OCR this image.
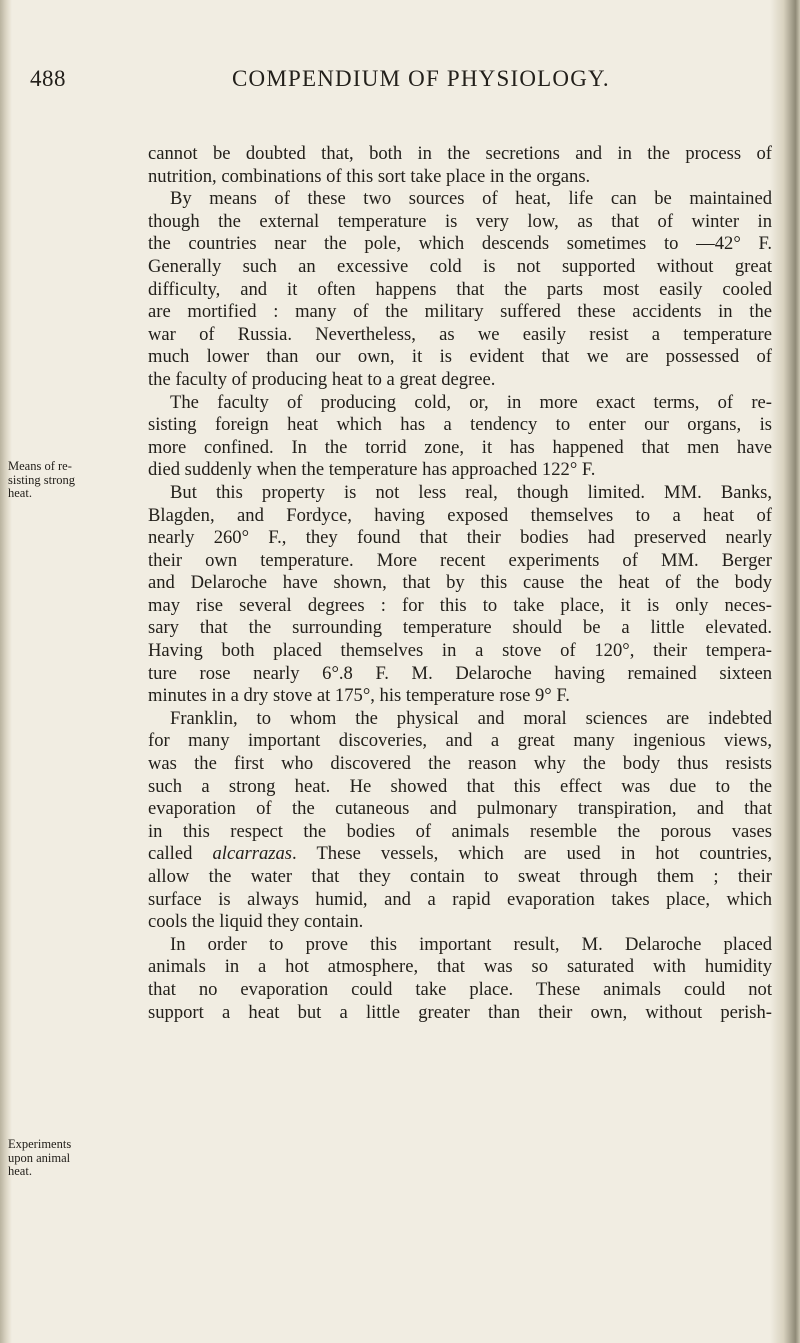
488	COMPENDIUM OF PHYSIOLOGY.
Means of re-
sisting strong
heat.
Experiments
upon animal
heat.
cannot be doubted that, both in the secretions and in the process of
nutrition, combinations of this sort take place in the organs.
By means of these two sources of heat, life can be maintained
though the external temperature is very low, as that of winter in
the countries near the pole, which descends sometimes to —42° F.
Generally such an excessive cold is not supported without great
difficulty, and it often happens that the parts most easily cooled
are mortified : many of the military suffered these accidents in the
war of Russia. Nevertheless, as we easily resist a temperature
much lower than our own, it is evident that we are possessed of
the faculty of producing heat to a great degree.
The faculty of producing cold, or, in more exact terms, of re-
sisting foreign heat which has a tendency to enter our organs, is
more confined. In the torrid zone, it has happened that men have
died suddenly when the temperature has approached 122° F.
But this property is not less real, though limited. MM. Banks,
Blagden, and Fordyce, having exposed themselves to a heat of
nearly 260° F., they found that their bodies had preserved nearly
their own temperature. More recent experiments of MM. Berger
and Delaroche have shown, that by this cause the heat of the body
may rise several degrees : for this to take place, it is only neces-
sary that the surrounding temperature should be a little elevated.
Having both placed themselves in a stove of 120°, their tempera-
ture rose nearly 6°.8 F. M. Delaroche having remained sixteen
minutes in a dry stove at 175°, his temperature rose 9° F.
Franklin, to whom the physical and moral sciences are indebted
for many important discoveries, and a great many ingenious views,
was the first who discovered the reason why the body thus resists
such a strong heat. He showed that this effect was due to the
evaporation of the cutaneous and pulmonary transpiration, and that
in this respect the bodies of animals resemble the porous vases
called alcarrazas. These vessels, which are used in hot countries,
allow the water that they contain to sweat through them ; their
surface is always humid, and a rapid evaporation takes place, which
cools the liquid they contain.
In order to prove this important result, M. Delaroche placed
animals in a hot atmosphere, that was so saturated with humidity
that no evaporation could take place. These animals could not
support a heat but a little greater than their own, without perish-
